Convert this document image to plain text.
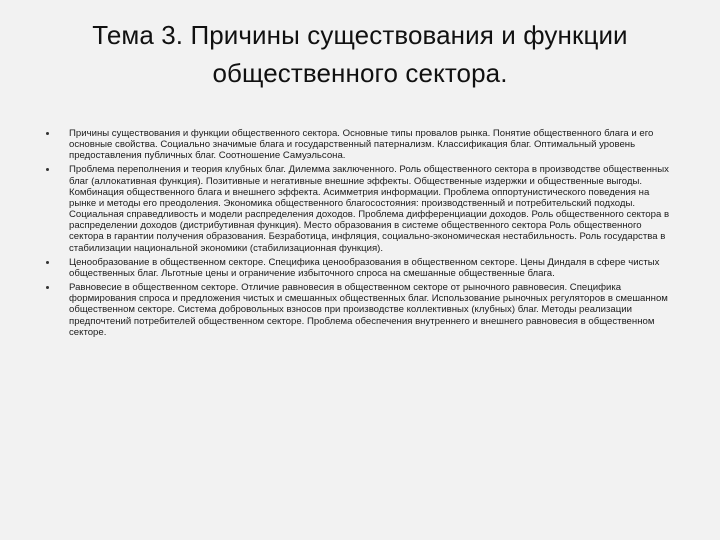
Тема 3. Причины существования и функции общественного сектора.
Причины существования и функции общественного сектора. Основные типы провалов рынка. Понятие общественного блага и его основные свойства. Социально значимые блага и государственный патернализм. Классификация благ. Оптимальный уровень предоставления публичных благ. Соотношение Самуэльсона.
Проблема переполнения и теория клубных благ. Дилемма заключенного. Роль общественного сектора в производстве общественных благ (аллокативная функция). Позитивные и негативные внешние эффекты. Общественные издержки и общественные выгоды. Комбинация общественного блага и внешнего эффекта. Асимметрия информации. Проблема оппортунистического поведения на рынке и методы его преодоления. Экономика общественного благосостояния: производственный и потребительский подходы. Социальная справедливость и модели распределения доходов. Проблема дифференциации доходов. Роль общественного сектора в распределении доходов (дистрибутивная функция). Место образования в системе общественного сектора Роль общественного сектора в гарантии получения образования. Безработица, инфляция, социально-экономическая нестабильность. Роль государства в стабилизации национальной экономики (стабилизационная функция).
Ценообразование в общественном секторе. Специфика ценообразования в общественном секторе. Цены Диндаля в сфере чистых общественных благ. Льготные цены и ограничение избыточного спроса на смешанные общественные блага.
Равновесие в общественном секторе. Отличие равновесия в общественном секторе от рыночного равновесия. Специфика формирования спроса и предложения чистых и смешанных общественных благ. Использование рыночных регуляторов в смешанном общественном секторе. Система добровольных взносов при производстве коллективных (клубных) благ. Методы реализации предпочтений потребителей общественном секторе. Проблема обеспечения внутреннего и внешнего равновесия в общественном секторе.
